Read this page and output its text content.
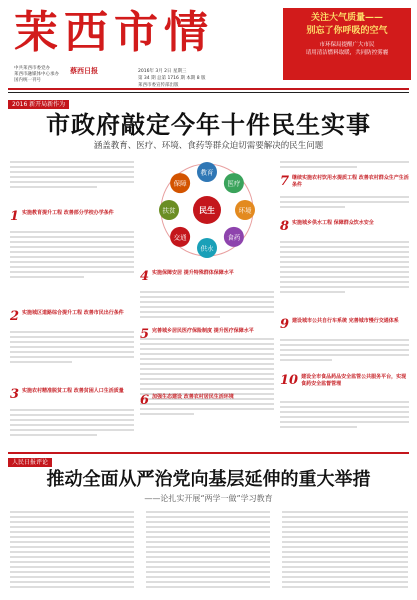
茉西市情
中共莱西市委党办
莱西市融媒体中心承办
国内统一刊号
蔡西日报	2016年 3月 2日 星期三
第 34 期 总第 1716 期 本期 8 版
莱西市委宣传部出版
关注大气质量——
别忘了你呼吸的空气
市环保局提醒广大市民
请用清洁燃料取暖，共同防控雾霾
2016 新开局新作为
市政府敲定今年十件民生实事
涵盖教育、医疗、环境、食药等群众迫切需要解决的民生问题
1 实施教育提升工程 改善部分学校办学条件
2 实施城区道路综合提升工程 改善市民出行条件
3 实施农村精准脱贫工程 改善贫困人口生活质量
教育
医疗
环境
食药
供水
交通
扶贫
保障
民生
4 实施保障安居 提升特殊群体保障水平
7 继续实施农村饮用水提质工程 改善农村群众生产生活条件
8 实施城乡供水工程 保障群众饮水安全
9 建设城市公共自行车系统 完善城市慢行交通体系
10 建设全市食品药品安全监管公共服务平台，实现食药安全监督管理
人民日报评论
推动全面从严治党向基层延伸的重大举措
——论扎实开展“两学一做”学习教育
5 完善城乡居民医疗保险制度 提升医疗保障水平
6 加强生态建设 改善农村居民生活环境
